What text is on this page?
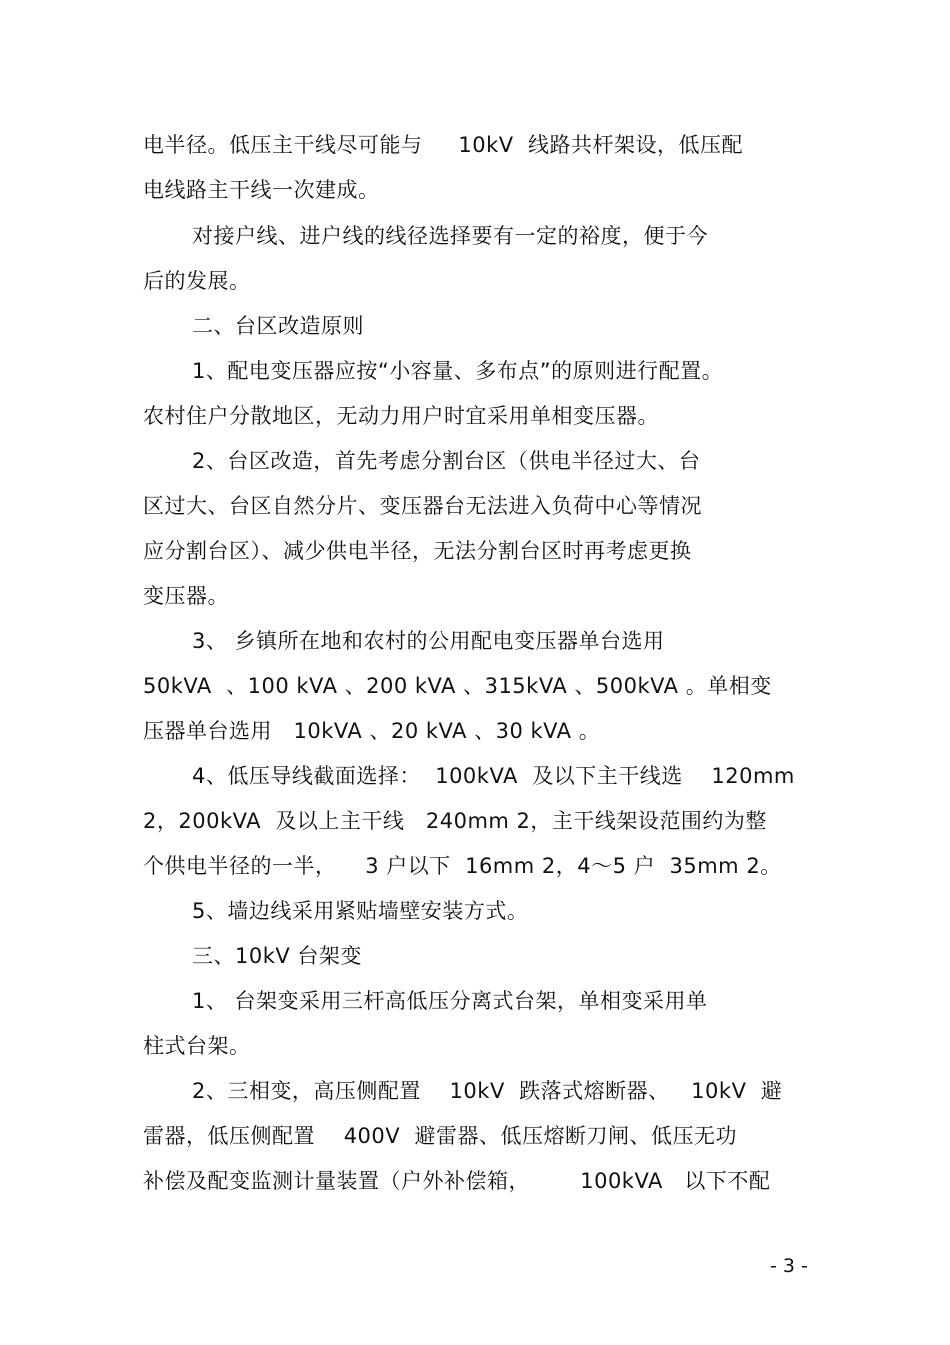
电半径。低压主干线尽可能与     10kV  线路共杆架设，低压配
电线路主干线一次建成。
对接户线、进户线的线径选择要有一定的裕度，便于今
后的发展。
二、台区改造原则
1、配电变压器应按“小容量、多布点”的原则进行配置。
农村住户分散地区，无动力用户时宜采用单相变压器。
2、台区改造，首先考虑分割台区（供电半径过大、台
区过大、台区自然分片、变压器台无法进入负荷中心等情况
应分割台区）、减少供电半径，无法分割台区时再考虑更换
变压器。
3、 乡镇所在地和农村的公用配电变压器单台选用
50kVA  、100 kVA 、200 kVA 、315kVA 、500kVA 。单相变
压器单台选用   10kVA 、20 kVA 、30 kVA 。
4、低压导线截面选择：  100kVA  及以下主干线选    120mm
2，200kVA  及以上主干线   240mm 2，主干线架设范围约为整
个供电半径的一半，    3 户以下  16mm 2，4～5 户  35mm 2。
5、墙边线采用紧贴墙壁安装方式。
三、10kV 台架变
1、 台架变采用三杆高低压分离式台架，单相变采用单
柱式台架。
2、三相变，高压侧配置    10kV  跌落式熔断器、   10kV  避
雷器，低压侧配置    400V  避雷器、低压熔断刀闸、低压无功
补偿及配变监测计量装置（户外补偿箱，       100kVA   以下不配
- 3 -
